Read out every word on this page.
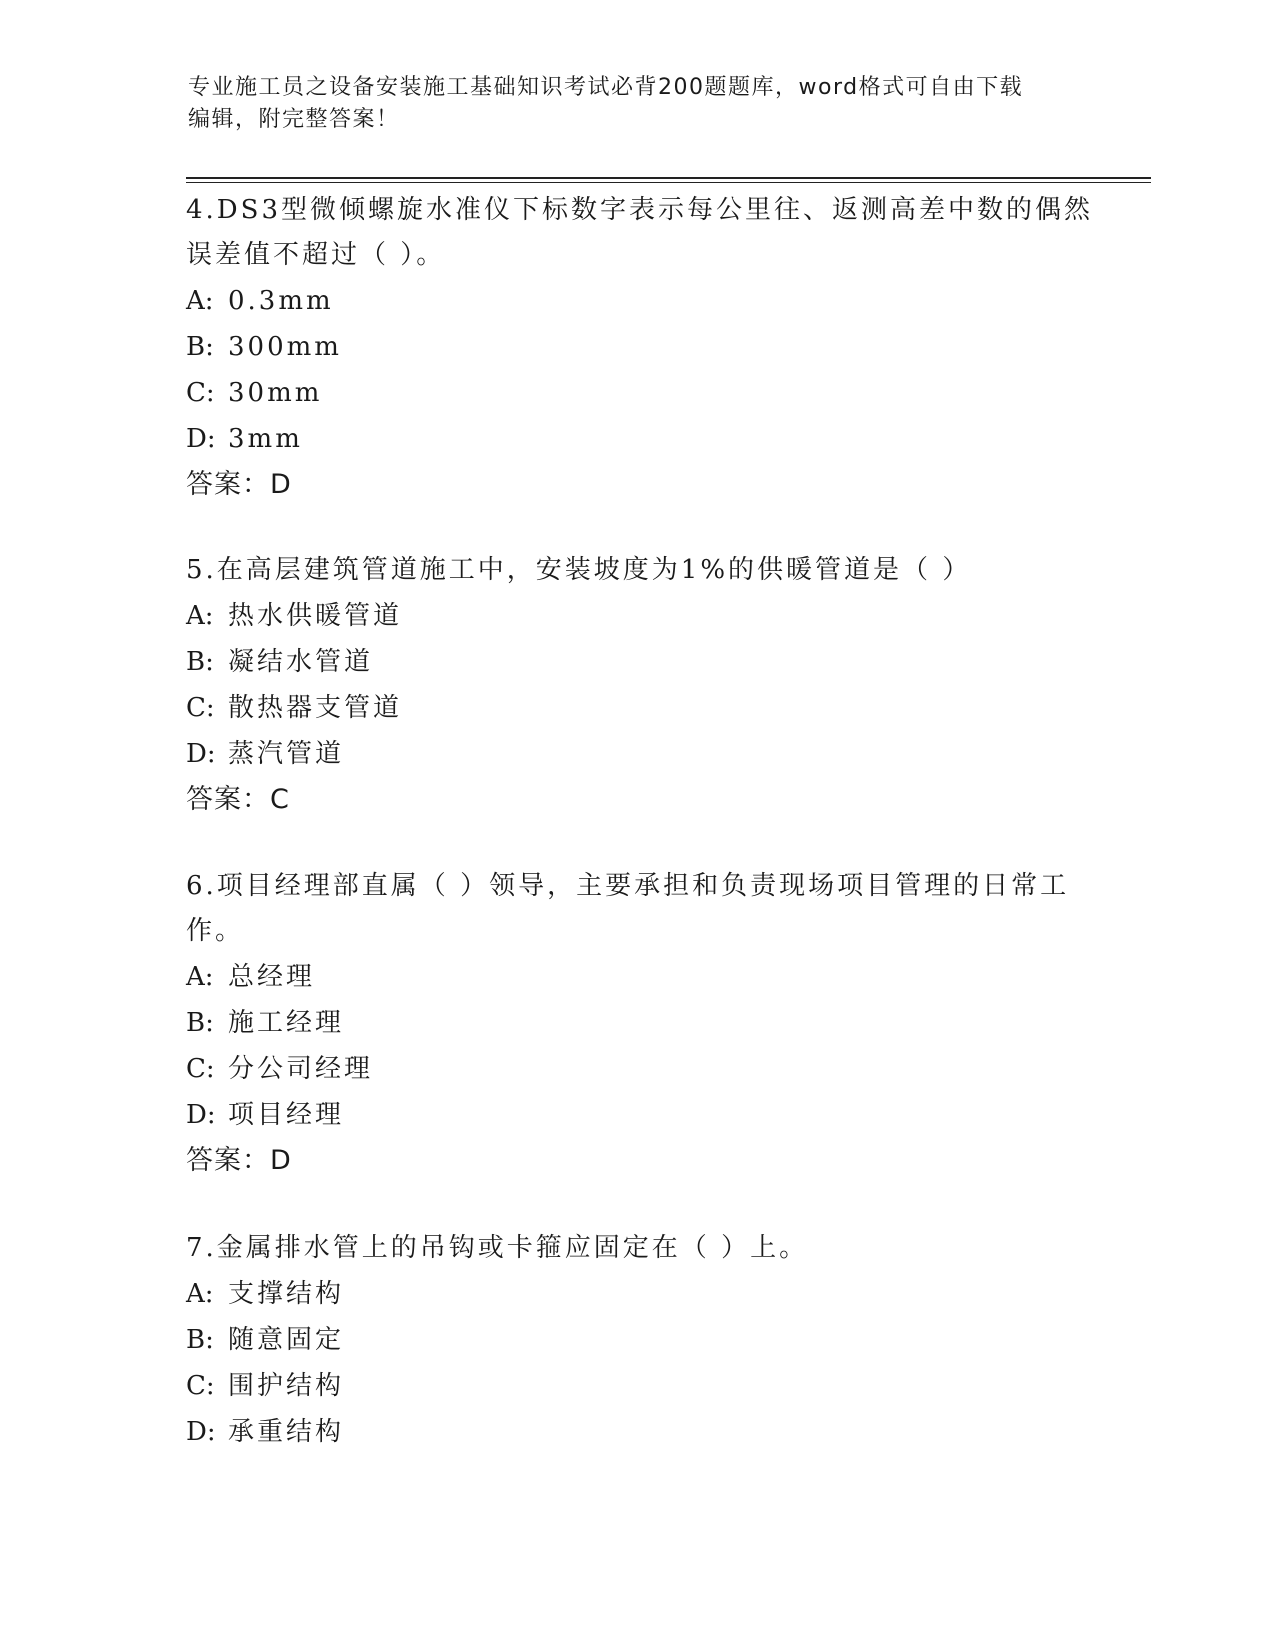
专业施工员之设备安装施工基础知识考试必背200题题库，word格式可自由下载
编辑，附完整答案！
4.DS3型微倾螺旋水准仪下标数字表示每公里往、返测高差中数的偶然
误差值不超过（ ）。
A: 0.3mm
B: 300mm
C: 30mm
D: 3mm
答案：D
5.在高层建筑管道施工中，安装坡度为1%的供暖管道是（ ）
A: 热水供暖管道
B: 凝结水管道
C: 散热器支管道
D: 蒸汽管道
答案：C
6.项目经理部直属（ ）领导，主要承担和负责现场项目管理的日常工
作。
A: 总经理
B: 施工经理
C: 分公司经理
D: 项目经理
答案：D
7.金属排水管上的吊钩或卡箍应固定在（ ）上。
A: 支撑结构
B: 随意固定
C: 围护结构
D: 承重结构
